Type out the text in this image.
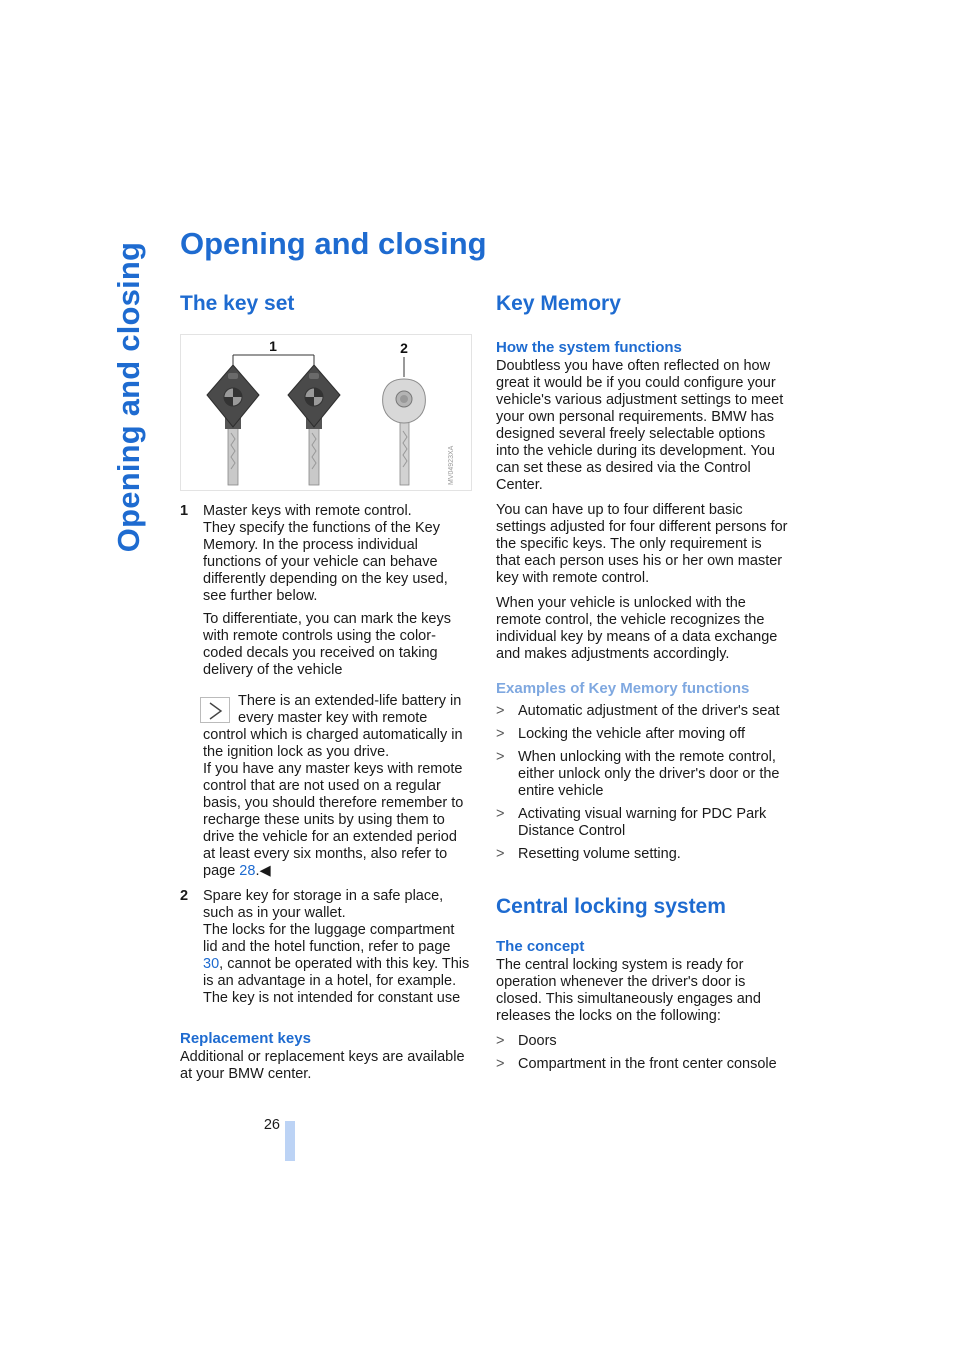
Opening and closing Opening and closing
The key set
1	2
MV04923XA
1	Master keys with remote control.
They specify the functions of the Key Memory. In the process individual functions of your vehicle can behave differently depending on the key used, see further below.

To differentiate, you can mark the keys with remote controls using the color-coded decals you received on taking delivery of the vehicle

There is an extended-life battery in every master key with remote control which is charged automatically in the ignition lock as you drive.
If you have any master keys with remote control that are not used on a regular basis, you should therefore remember to recharge these units by using them to drive the vehicle for an extended period at least every six months, also refer to page 28.◀
2	Spare key for storage in a safe place, such as in your wallet.
The locks for the luggage compartment lid and the hotel function, refer to page 30, cannot be operated with this key. This is an advantage in a hotel, for example. The key is not intended for constant use

Replacement keys

Additional or replacement keys are available at your BMW center.

Key Memory
How the system functions

Doubtless you have often reflected on how great it would be if you could configure your vehicle's various adjustment settings to meet your own personal requirements. BMW has designed several freely selectable options into the vehicle during its development. You can set these as desired via the Control Center.

You can have up to four different basic settings adjusted for four different persons for the specific keys. The only requirement is that each person uses his or her own master key with remote control.

When your vehicle is unlocked with the remote control, the vehicle recognizes the individual key by means of a data exchange and makes adjustments accordingly.

Examples of Key Memory functions
> Automatic adjustment of the driver's seat
> Locking the vehicle after moving off
> When unlocking with the remote control, either unlock only the driver's door or the entire vehicle
> Activating visual warning for PDC Park Distance Control
> Resetting volume setting.
Central locking system
The concept

The central locking system is ready for operation whenever the driver's door is closed. This simultaneously engages and releases the locks on the following:

> Doors
> Compartment in the front center console
26
